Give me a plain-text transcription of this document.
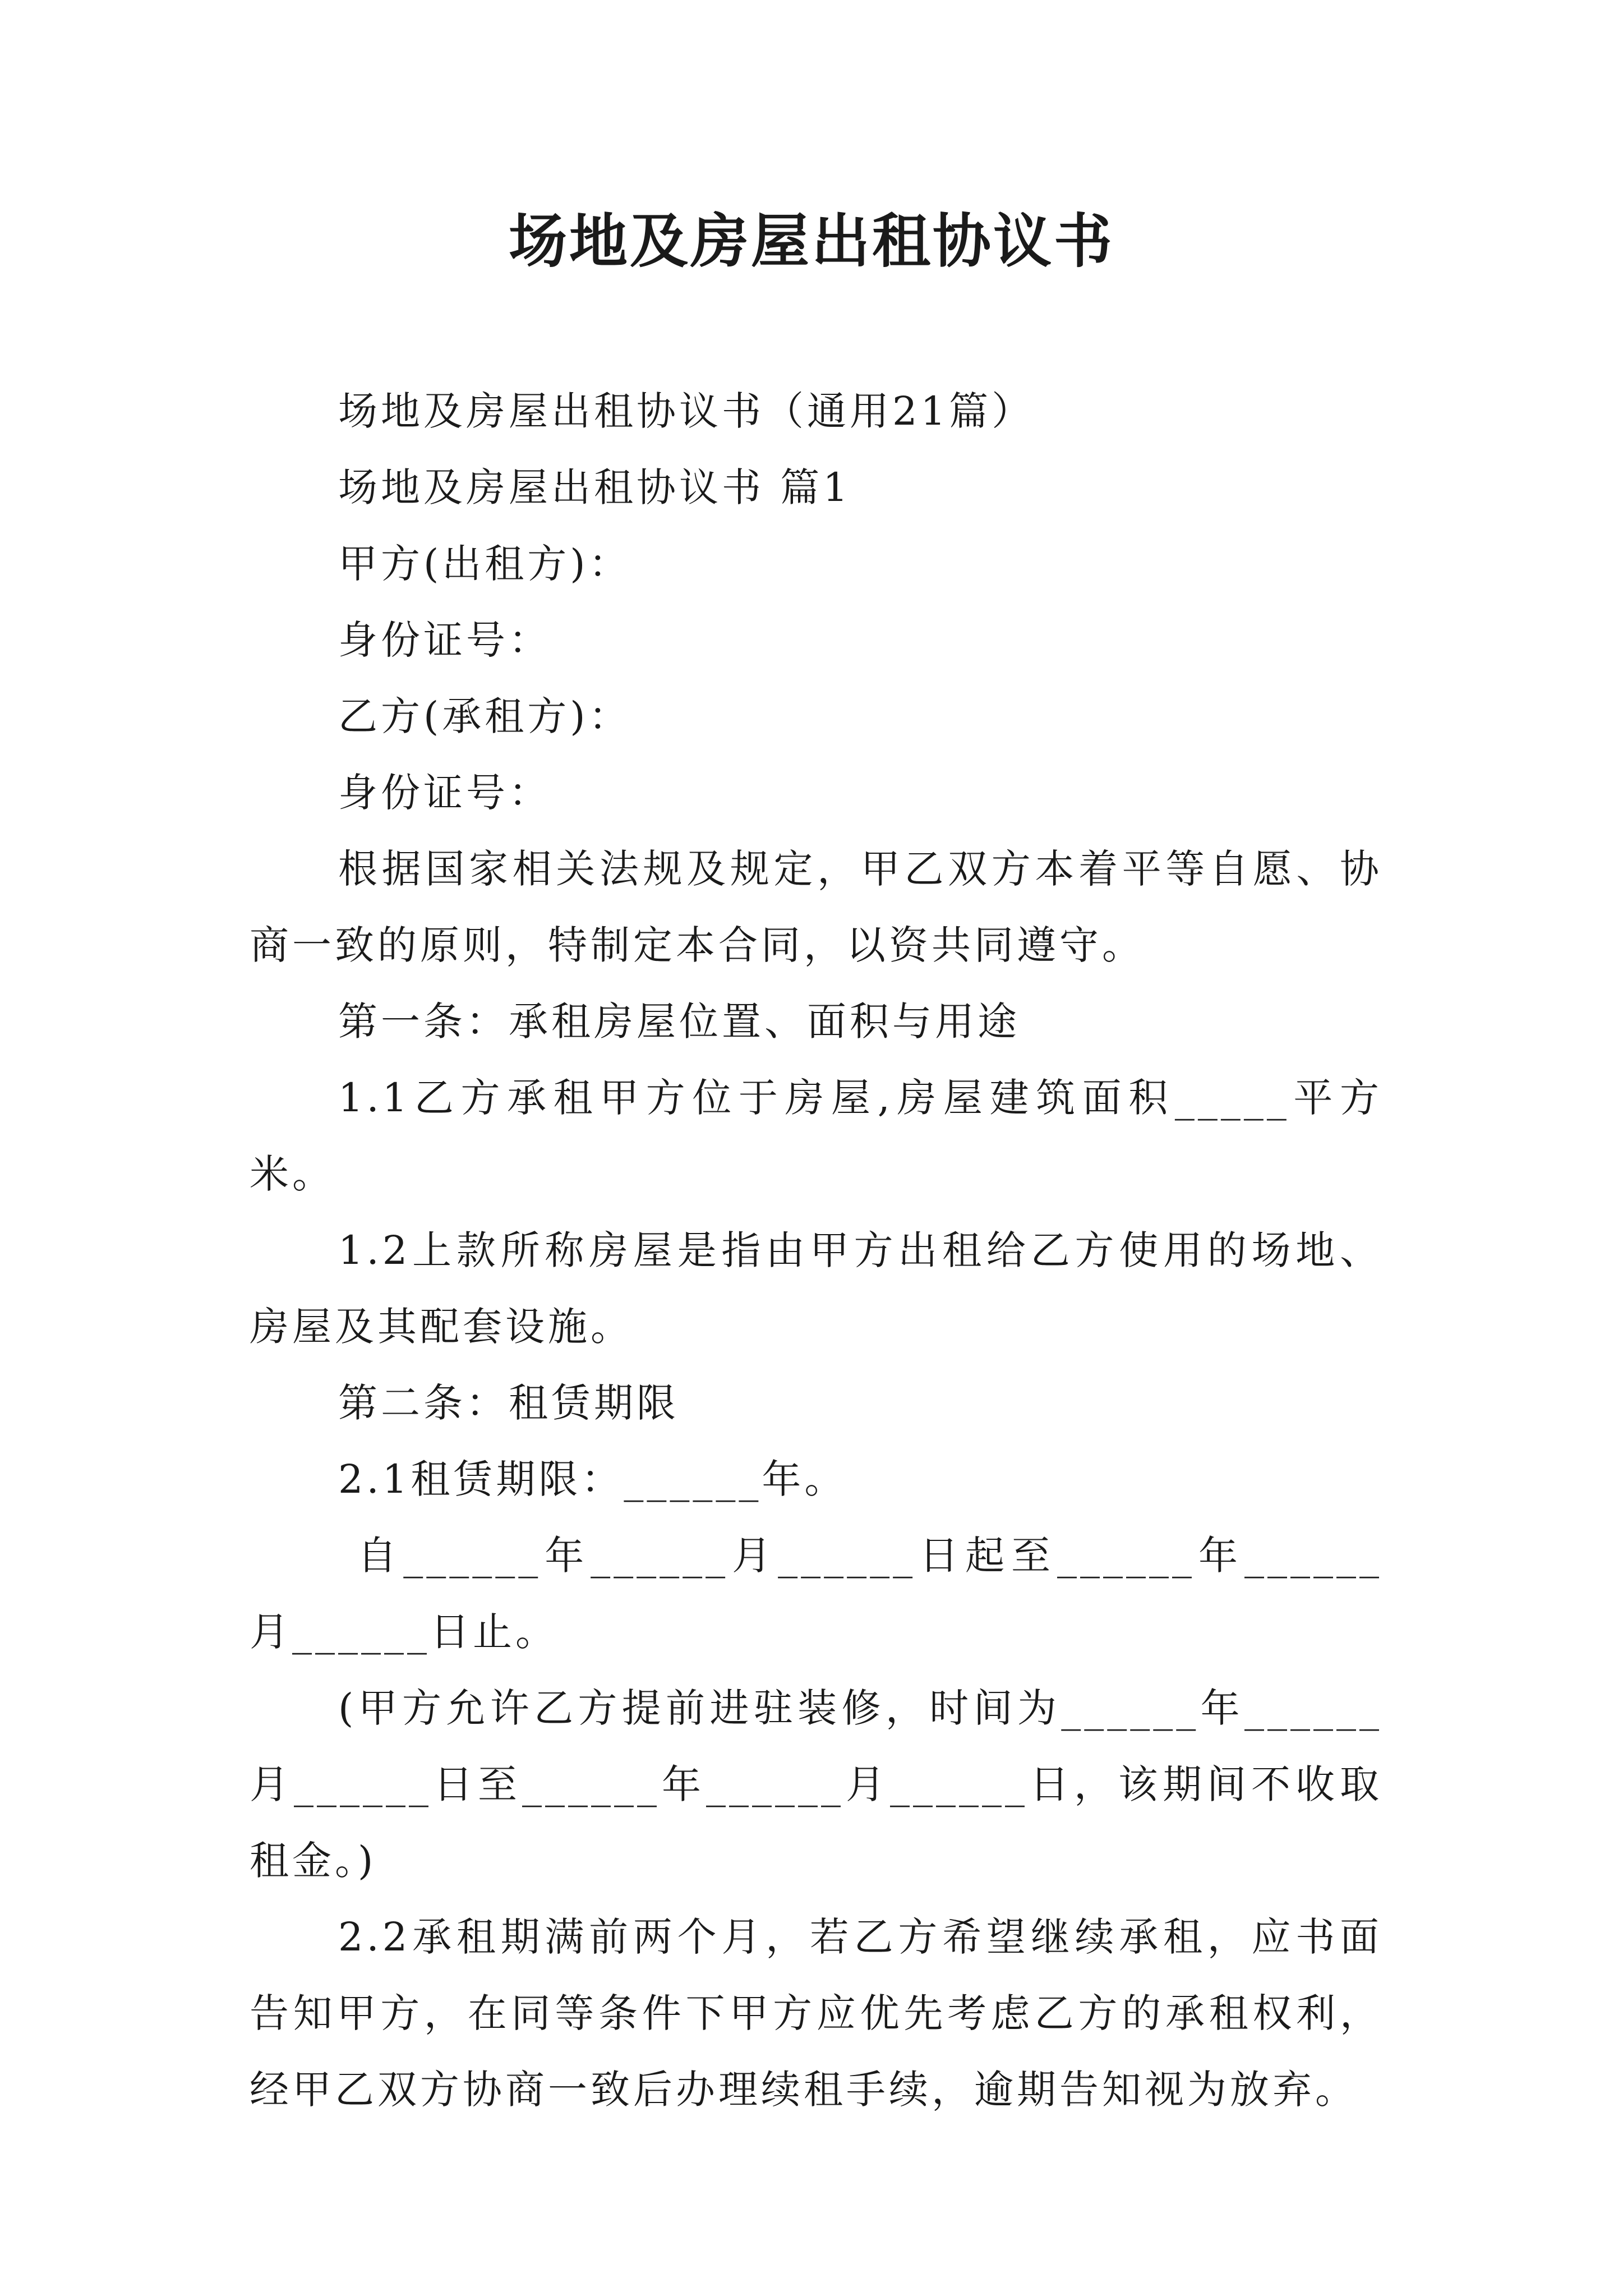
场地及房屋出租协议书

场地及房屋出租协议书（通用21篇）

场地及房屋出租协议书 篇1

甲方(出租方)：

身份证号：

乙方(承租方)：

身份证号：

根据国家相关法规及规定，甲乙双方本着平等自愿、协商一致的原则，特制定本合同，以资共同遵守。

第一条：承租房屋位置、面积与用途

1.1乙方承租甲方位于房屋,房屋建筑面积_____平方米。

1.2上款所称房屋是指由甲方出租给乙方使用的场地、房屋及其配套设施。

第二条：租赁期限

2.1租赁期限：______年。

自______年______月______日起至______年______月______日止。

(甲方允许乙方提前进驻装修，时间为______年______月______日至______年______月______日，该期间不收取租金。)

2.2承租期满前两个月，若乙方希望继续承租，应书面告知甲方，在同等条件下甲方应优先考虑乙方的承租权利，经甲乙双方协商一致后办理续租手续，逾期告知视为放弃。
